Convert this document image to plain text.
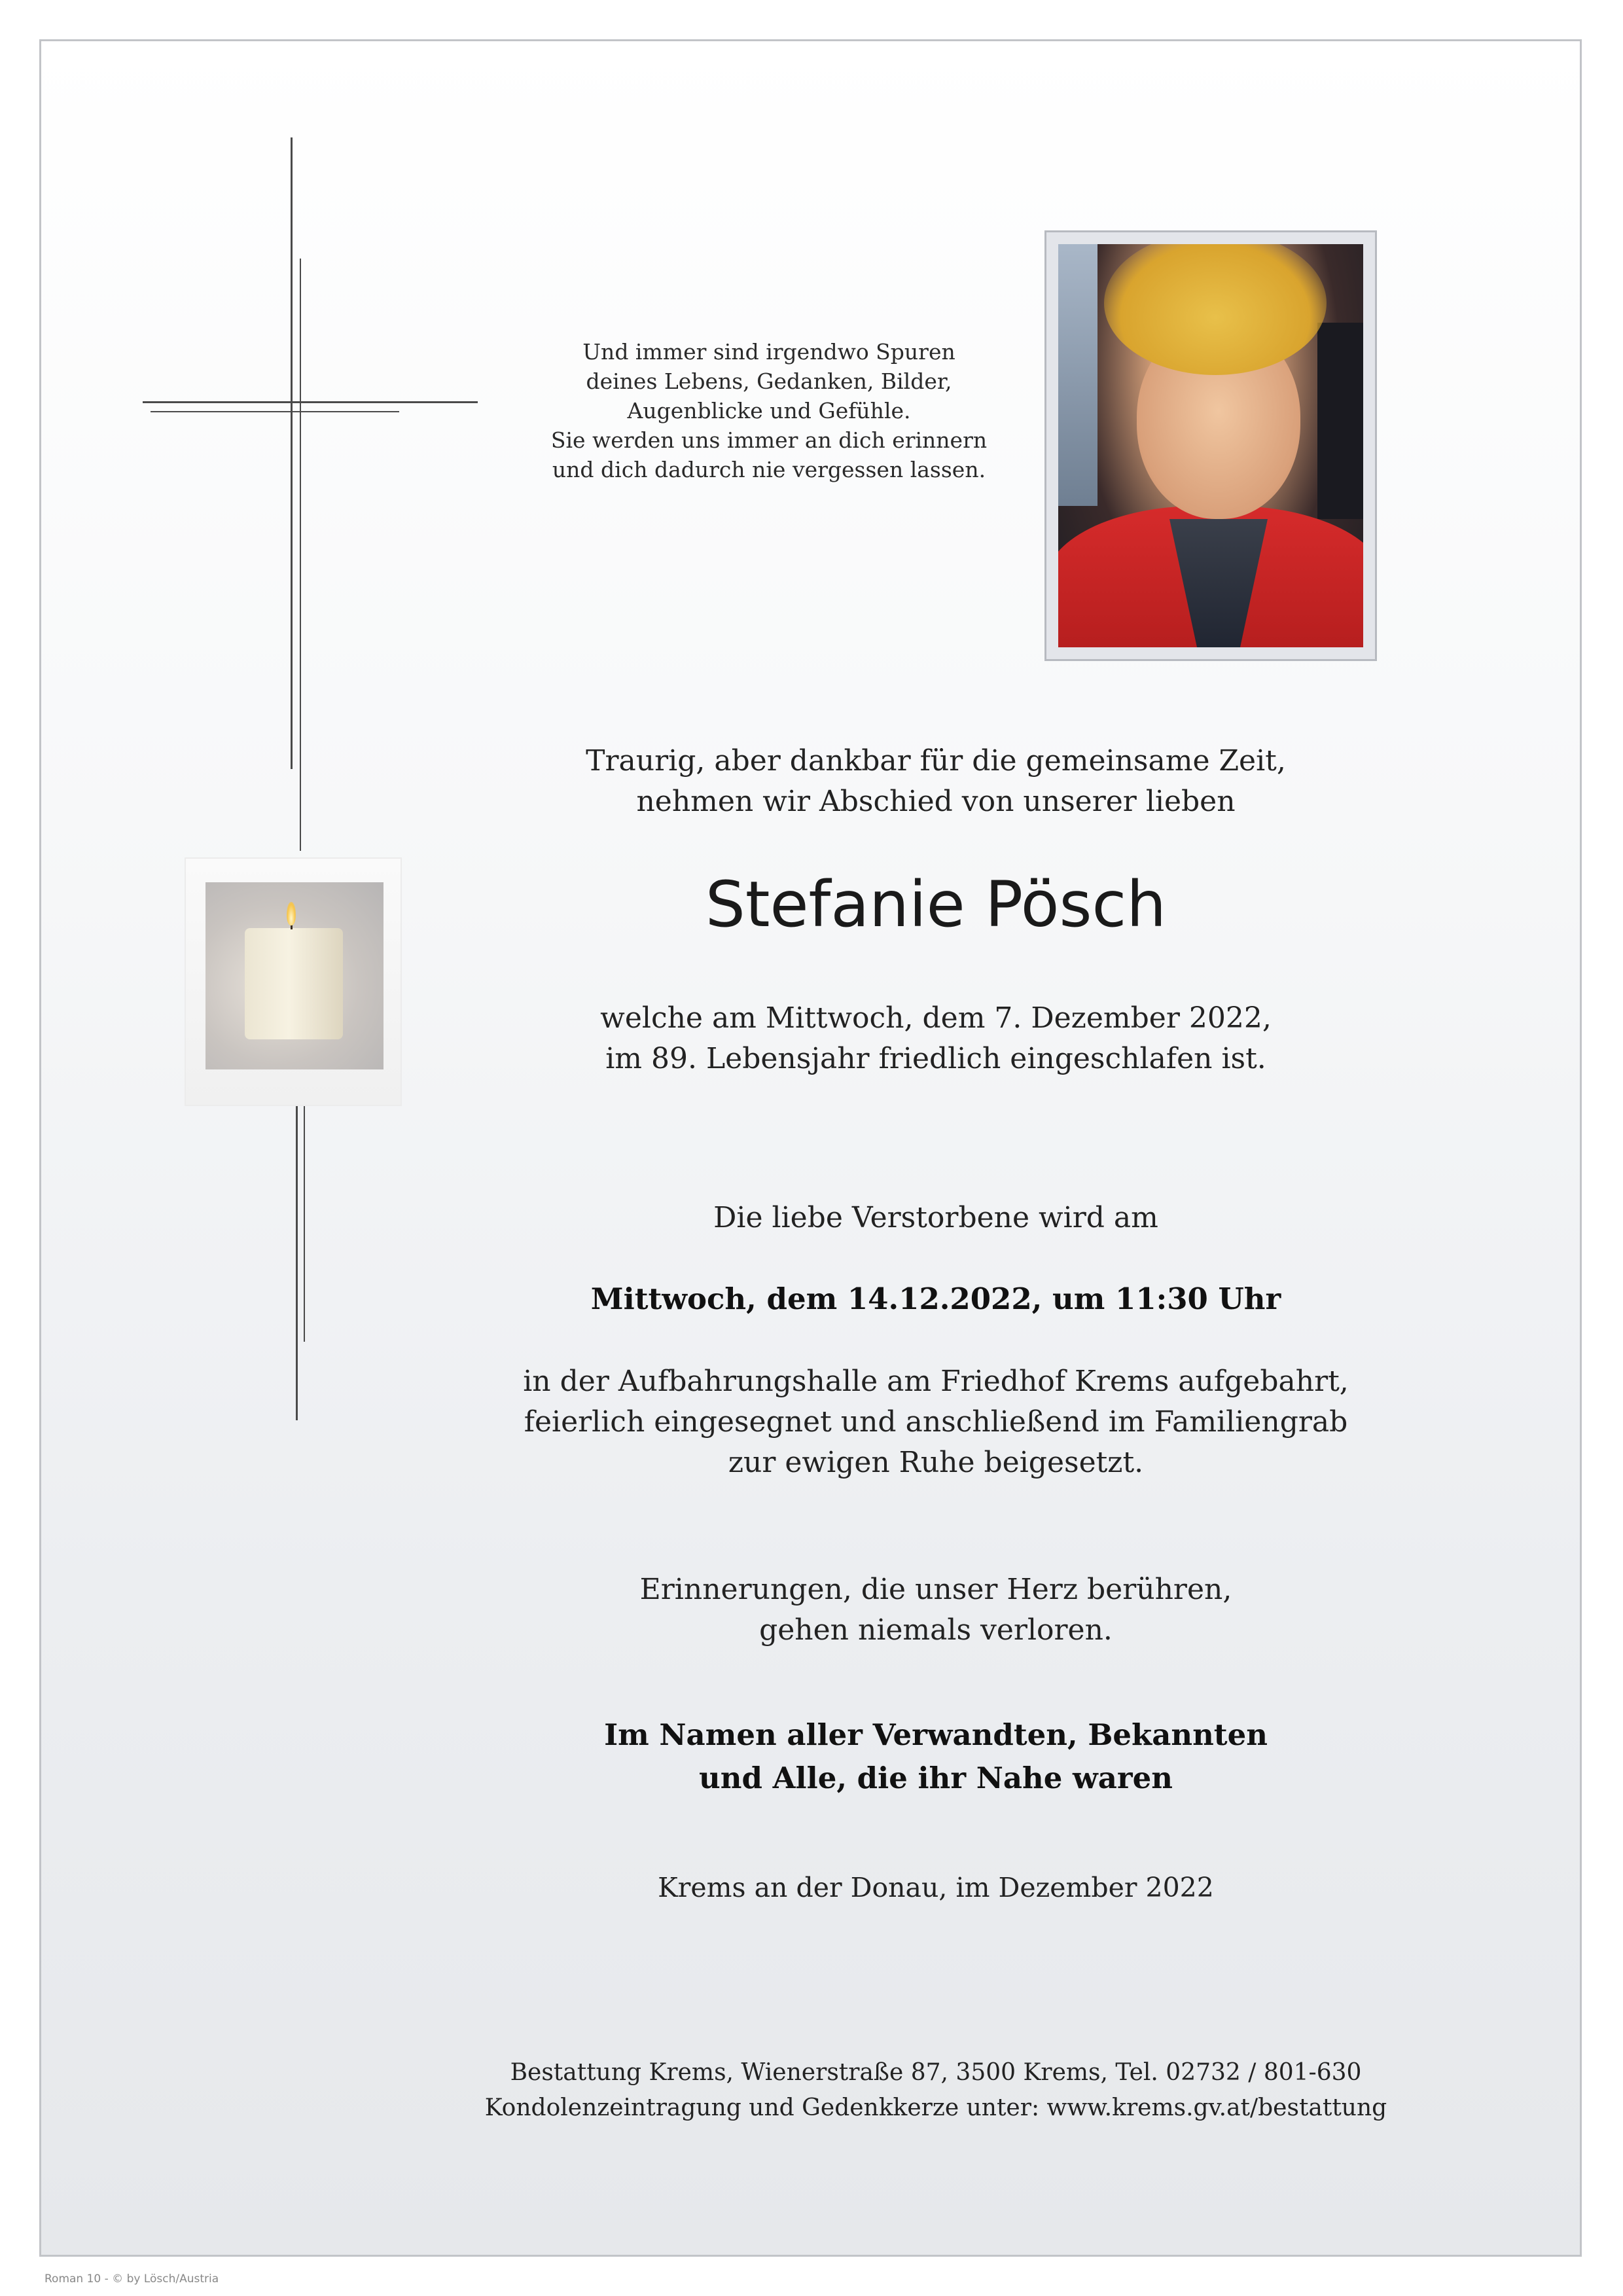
Und immer sind irgendwo Spuren
deines Lebens, Gedanken, Bilder,
Augenblicke und Gefühle.
Sie werden uns immer an dich erinnern
und dich dadurch nie vergessen lassen.

Traurig, aber dankbar für die gemeinsame Zeit,
nehmen wir Abschied von unserer lieben

Stefanie Pösch

welche am Mittwoch, dem 7. Dezember 2022,
im 89. Lebensjahr friedlich eingeschlafen ist.

Die liebe Verstorbene wird am

Mittwoch, dem 14.12.2022, um 11:30 Uhr

in der Aufbahrungshalle am Friedhof Krems aufgebahrt,
feierlich eingesegnet und anschließend im Familiengrab
zur ewigen Ruhe beigesetzt.

Erinnerungen, die unser Herz berühren,
gehen niemals verloren.

Im Namen aller Verwandten, Bekannten
und Alle, die ihr Nahe waren

Krems an der Donau, im Dezember 2022

Bestattung Krems, Wienerstraße 87, 3500 Krems, Tel. 02732 / 801-630
Kondolenzeintragung und Gedenkkerze unter: www.krems.gv.at/bestattung

Roman 10 - © by Lösch/Austria
